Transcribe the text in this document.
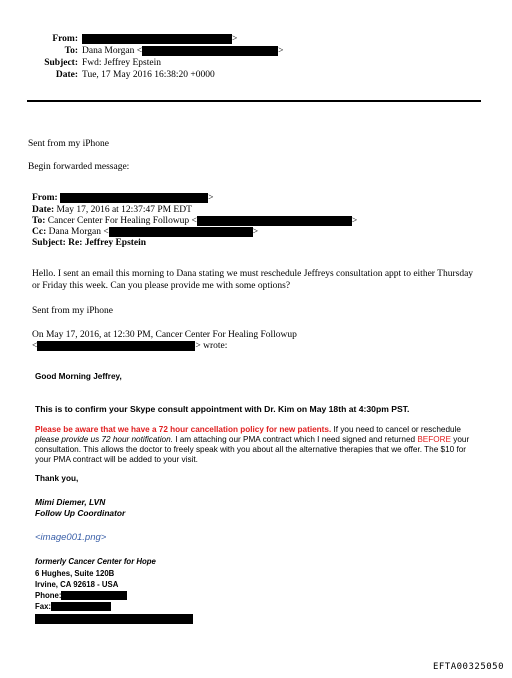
From:	>
To: Dana Morgan <	>
Subject: Fwd: Jeffrey Epstein
Date: Tue, 17 May 2016 16:38:20 +0000
Sent from my iPhone
Begin forwarded message:
From:	>
Date: May 17, 2016 at 12:37:47 PM EDT
To: Cancer Center For Healing Followup <	>
Cc: Dana Morgan <	>
Subject: Re: Jeffrey Epstein
Hello. I sent an email this morning to Dana stating we must reschedule Jeffreys consultation appt to either Thursday or Friday this week. Can you please provide me with some options?
Sent from my iPhone
On May 17, 2016, at 12:30 PM, Cancer Center For Healing Followup
<	> wrote:
Good Morning Jeffrey,
This is to confirm your Skype consult appointment with Dr. Kim on May 18th at 4:30pm PST.
Please be aware that we have a 72 hour cancellation policy for new patients. If you need to cancel or reschedule please provide us 72 hour notification. I am attaching our PMA contract which I need signed and returned BEFORE your consultation. This allows the doctor to freely speak with you about all the alternative therapies that we offer. The $10 for your PMA contract will be added to your visit.
Thank you,
Mimi Diemer, LVN
Follow Up Coordinator
<image001.png>
formerly Cancer Center for Hope
6 Hughes, Suite 120B
Irvine, CA 92618 - USA
Phone:
Fax:
EFTA00325050
